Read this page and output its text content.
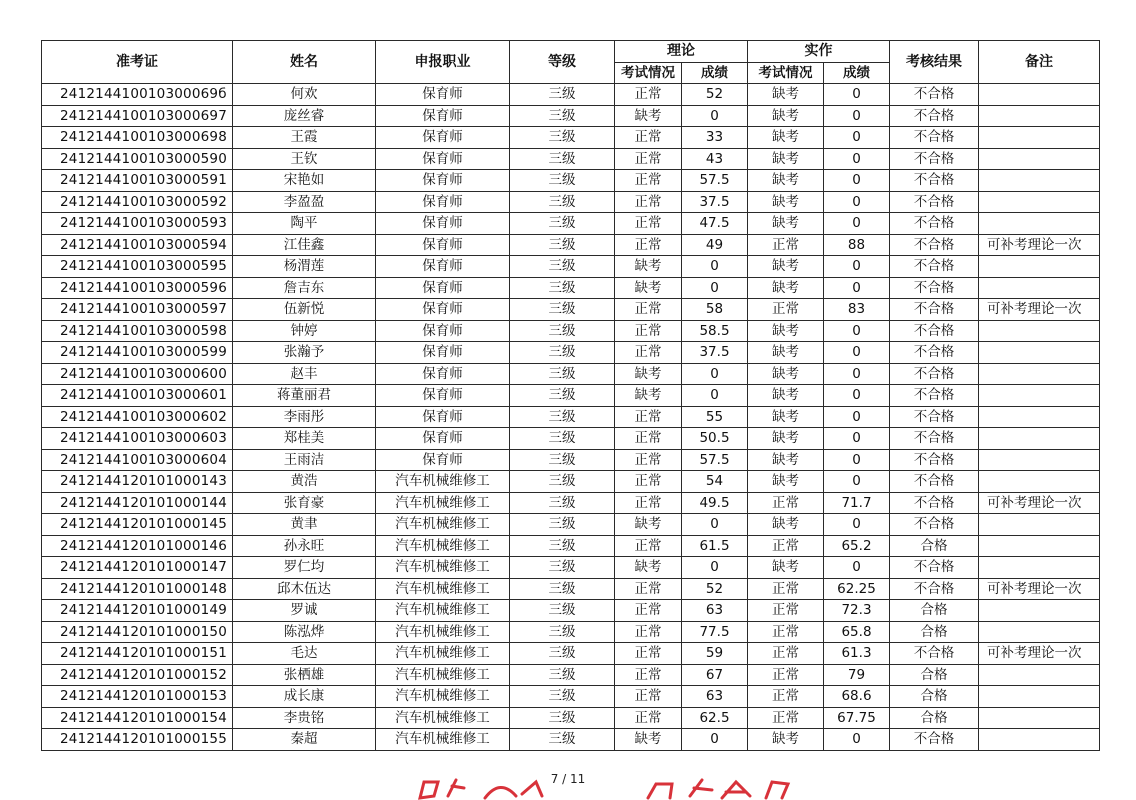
准考证	姓名	申报职业	等级	理论		实作		考核结果	备注
				考试情况	成绩	考试情况	成绩		
241214410010300069б	何欢	保育师	三级	正常	52	缺考	0	不合格	
2412144100103000697	庞丝睿	保育师	三级	缺考	0	缺考	0	不合格	
2412144100103000698	王霞	保育师	三级	正常	33	缺考	0	不合格	
2412144100103000590	王钦	保育师	三级	正常	43	缺考	0	不合格	
2412144100103000591	宋艳如	保育师	三级	正常	57.5	缺考	0	不合格	
2412144100103000592	李盈盈	保育师	三级	正常	37.5	缺考	0	不合格	
2412144100103000593	陶平	保育师	三级	正常	47.5	缺考	0	不合格	
2412144100103000594	江佳鑫	保育师	三级	正常	49	正常	88	不合格	可补考理论一次
2412144100103000595	杨渭莲	保育师	三级	缺考	0	缺考	0	不合格	
2412144100103000596	詹吉东	保育师	三级	缺考	0	缺考	0	不合格	
2412144100103000597	伍新悦	保育师	三级	正常	58	正常	83	不合格	可补考理论一次
2412144100103000598	钟婷	保育师	三级	正常	58.5	缺考	0	不合格	
2412144100103000599	张瀚予	保育师	三级	正常	37.5	缺考	0	不合格	
2412144100103000600	赵丰	保育师	三级	缺考	0	缺考	0	不合格	
2412144100103000601	蒋董丽君	保育师	三级	缺考	0	缺考	0	不合格	
2412144100103000602	李雨彤	保育师	三级	正常	55	缺考	0	不合格	
2412144100103000603	郑桂美	保育师	三级	正常	50.5	缺考	0	不合格	
2412144100103000604	王雨洁	保育师	三级	正常	57.5	缺考	0	不合格	
2412144120101000143	黄浩	汽车机械维修工	三级	正常	54	缺考	0	不合格	
2412144120101000144	张育豪	汽车机械维修工	三级	正常	49.5	正常	71.7	不合格	可补考理论一次
2412144120101000145	黄聿	汽车机械维修工	三级	缺考	0	缺考	0	不合格	
2412144120101000146	孙永旺	汽车机械维修工	三级	正常	61.5	正常	65.2	合格	
2412144120101000147	罗仁均	汽车机械维修工	三级	缺考	0	缺考	0	不合格	
2412144120101000148	邱木伍达	汽车机械维修工	三级	正常	52	正常	62.25	不合格	可补考理论一次
2412144120101000149	罗诚	汽车机械维修工	三级	正常	63	正常	72.3	合格	
2412144120101000150	陈泓烨	汽车机械维修工	三级	正常	77.5	正常	65.8	合格	
2412144120101000151	毛达	汽车机械维修工	三级	正常	59	正常	61.3	不合格	可补考理论一次
2412144120101000152	张栖雄	汽车机械维修工	三级	正常	67	正常	79	合格	
2412144120101000153	成长康	汽车机械维修工	三级	正常	63	正常	68.6	合格	
2412144120101000154	李贵铭	汽车机械维修工	三级	正常	62.5	正常	67.75	合格	
2412144120101000155	秦超	汽车机械维修工	三级	缺考	0	缺考	0	不合格	
7 / 11
